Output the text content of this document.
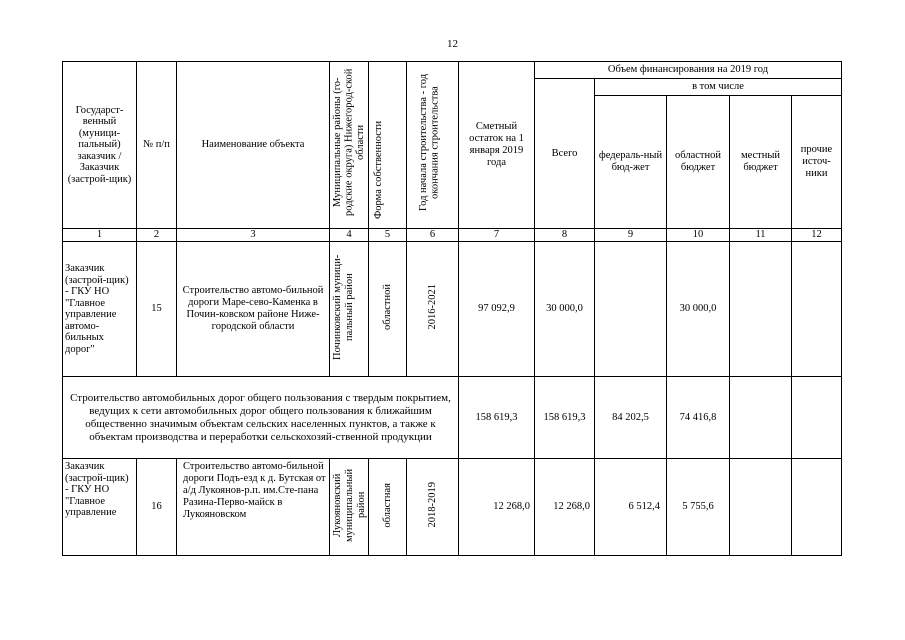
12
Государст-венный (муници-пальный) заказчик / Заказчик (застрой-щик)	№ п/п	Наименование объекта	Муниципальные районы (го-родские округа) Нижегород-ской области	Форма собственности	Год начала строительства - год окончания строительства	Сметный остаток на 1 января 2019 года	Объем финансирования на 2019 год				
							Всего	в том числе			
								федераль-ный бюд-жет	областной бюджет	местный бюджет	прочие источ-ники
1	2	3	4	5	6	7	8	9	10	11	12
Заказчик (застрой-щик) - ГКУ НО "Главное управление автомо-бильных дорог"	15	Строительство автомо-бильной дороги Маре-сево-Каменка в Почин-ковском районе Ниже-городской области	Починковский муници-пальный район	областной	2016-2021	97 092,9	30 000,0		30 000,0		
Строительство автомобильных дорог общего пользования с твердым покрытием, ведущих к сети автомобильных дорог общего пользования к ближайшим общественно значимым объектам сельских населенных пунктов, а также к объектам производства и переработки сельскохозяй-ственной продукции						158 619,3	158 619,3	84 202,5	74 416,8		
Заказчик (застрой-щик) - ГКУ НО "Главное управление	16	Строительство автомо-бильной дороги Подъ-езд к д. Бутская от а/д Лукоянов-р.п. им.Сте-пана Разина-Перво-майск в Лукояновском	Лукояновский муниципальный район	областная	2018-2019	12 268,0	12 268,0	6 512,4	5 755,6		
